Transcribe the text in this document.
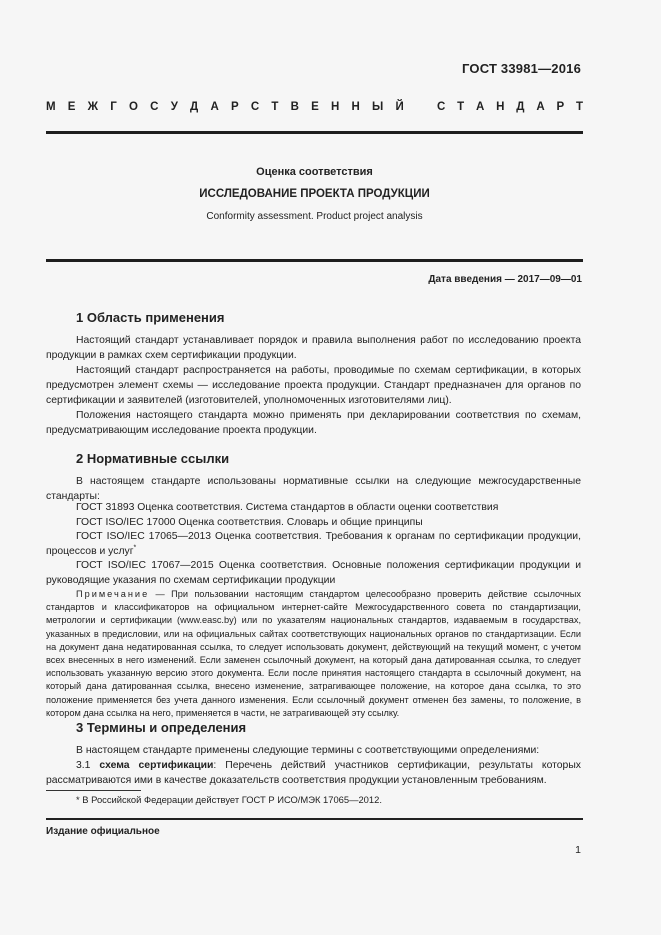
ГОСТ 33981—2016
М Е Ж Г О С У Д А Р С Т В Е Н Н Ы Й	С Т А Н Д А Р Т
Оценка соответствия
ИССЛЕДОВАНИЕ ПРОЕКТА ПРОДУКЦИИ
Conformity assessment. Product project analysis
Дата введения — 2017—09—01
1 Область применения

Настоящий стандарт устанавливает порядок и правила выполнения работ по исследованию проекта продукции в рамках схем сертификации продукции.

Настоящий стандарт распространяется на работы, проводимые по схемам сертификации, в которых предусмотрен элемент схемы — исследование проекта продукции. Стандарт предназначен для органов по сертификации и заявителей (изготовителей, уполномоченных изготовителями лиц).

Положения настоящего стандарта можно применять при декларировании соответствия по схемам, предусматривающим исследование проекта продукции.

2 Нормативные ссылки

В настоящем стандарте использованы нормативные ссылки на следующие межгосударственные стандарты:

ГОСТ 31893 Оценка соответствия. Система стандартов в области оценки соответствия

ГОСТ ISO/IEC 17000 Оценка соответствия. Словарь и общие принципы

ГОСТ ISO/IEC 17065—2013 Оценка соответствия. Требования к органам по сертификации продукции, процессов и услуг*

ГОСТ ISO/IEC 17067—2015 Оценка соответствия. Основные положения сертификации продукции и руководящие указания по схемам сертификации продукции

Примечание — При пользовании настоящим стандартом целесообразно проверить действие ссылочных стандартов и классификаторов на официальном интернет-сайте Межгосударственного совета по стандартизации, метрологии и сертификации (www.easc.by) или по указателям национальных стандартов, издаваемым в государствах, указанных в предисловии, или на официальных сайтах соответствующих национальных органов по стандартизации. Если на документ дана недатированная ссылка, то следует использовать документ, действующий на текущий момент, с учетом всех внесенных в него изменений. Если заменен ссылочный документ, на который дана датированная ссылка, то следует использовать указанную версию этого документа. Если после принятия настоящего стандарта в ссылочный документ, на который дана датированная ссылка, внесено изменение, затрагивающее положение, на которое дана ссылка, то это положение применяется без учета данного изменения. Если ссылочный документ отменен без замены, то положение, в котором дана ссылка на него, применяется в части, не затрагивающей эту ссылку.

3 Термины и определения

В настоящем стандарте применены следующие термины с соответствующими определениями:

3.1 схема сертификации: Перечень действий участников сертификации, результаты которых рассматриваются ими в качестве доказательств соответствия продукции установленным требованиям.

* В Российской Федерации действует ГОСТ Р ИСО/МЭК 17065—2012.
Издание официальное
1
